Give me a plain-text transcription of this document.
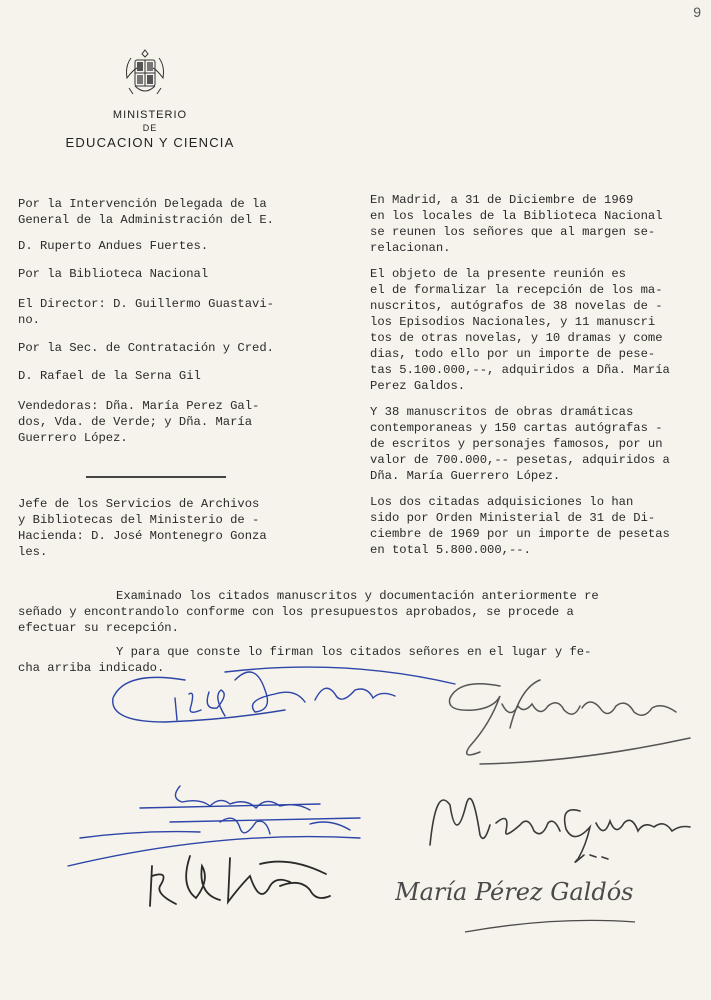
9
MINISTERIO
DE
EDUCACION Y CIENCIA
Por la Intervención Delegada de la
General de la Administración del E.
D. Ruperto Andues Fuertes.
Por la Biblioteca Nacional
El Director: D. Guillermo Guastavi-
no.
Por la Sec. de Contratación y Cred.
D. Rafael de la Serna Gil
Vendedoras: Dña. María Perez Gal-
dos, Vda. de Verde; y Dña. María
Guerrero López.
Jefe de los Servicios de Archivos
y Bibliotecas del Ministerio de -
Hacienda: D. José Montenegro Gonza
les.
En Madrid, a 31 de Diciembre de 1969
en los locales de la Biblioteca Nacional
se reunen los señores que al margen se-
relacionan.
El objeto de la presente reunión es
el de formalizar la recepción de los ma-
nuscritos, autógrafos de 38 novelas de -
los Episodios Nacionales, y 11 manuscri
tos de otras novelas, y 10 dramas y come
dias, todo ello por un importe de pese-
tas 5.100.000,--, adquiridos a Dña. María
Perez Galdos.
Y 38 manuscritos de obras dramáticas
contemporaneas y 150 cartas autógrafas -
de escritos y personajes famosos, por un
valor de 700.000,-- pesetas, adquiridos a
Dña. María Guerrero López.
Los dos citadas adquisiciones lo han
sido por Orden Ministerial de 31 de Di-
ciembre de 1969 por un importe de pesetas
en total 5.800.000,--.
Examinado los citados manuscritos y documentación anteriormente re
señado y encontrandolo conforme con los presupuestos aprobados, se procede a
efectuar su recepción.
Y para que conste lo firman los citados señores en el lugar y fe-
cha arriba indicado.
María Pérez Galdós
